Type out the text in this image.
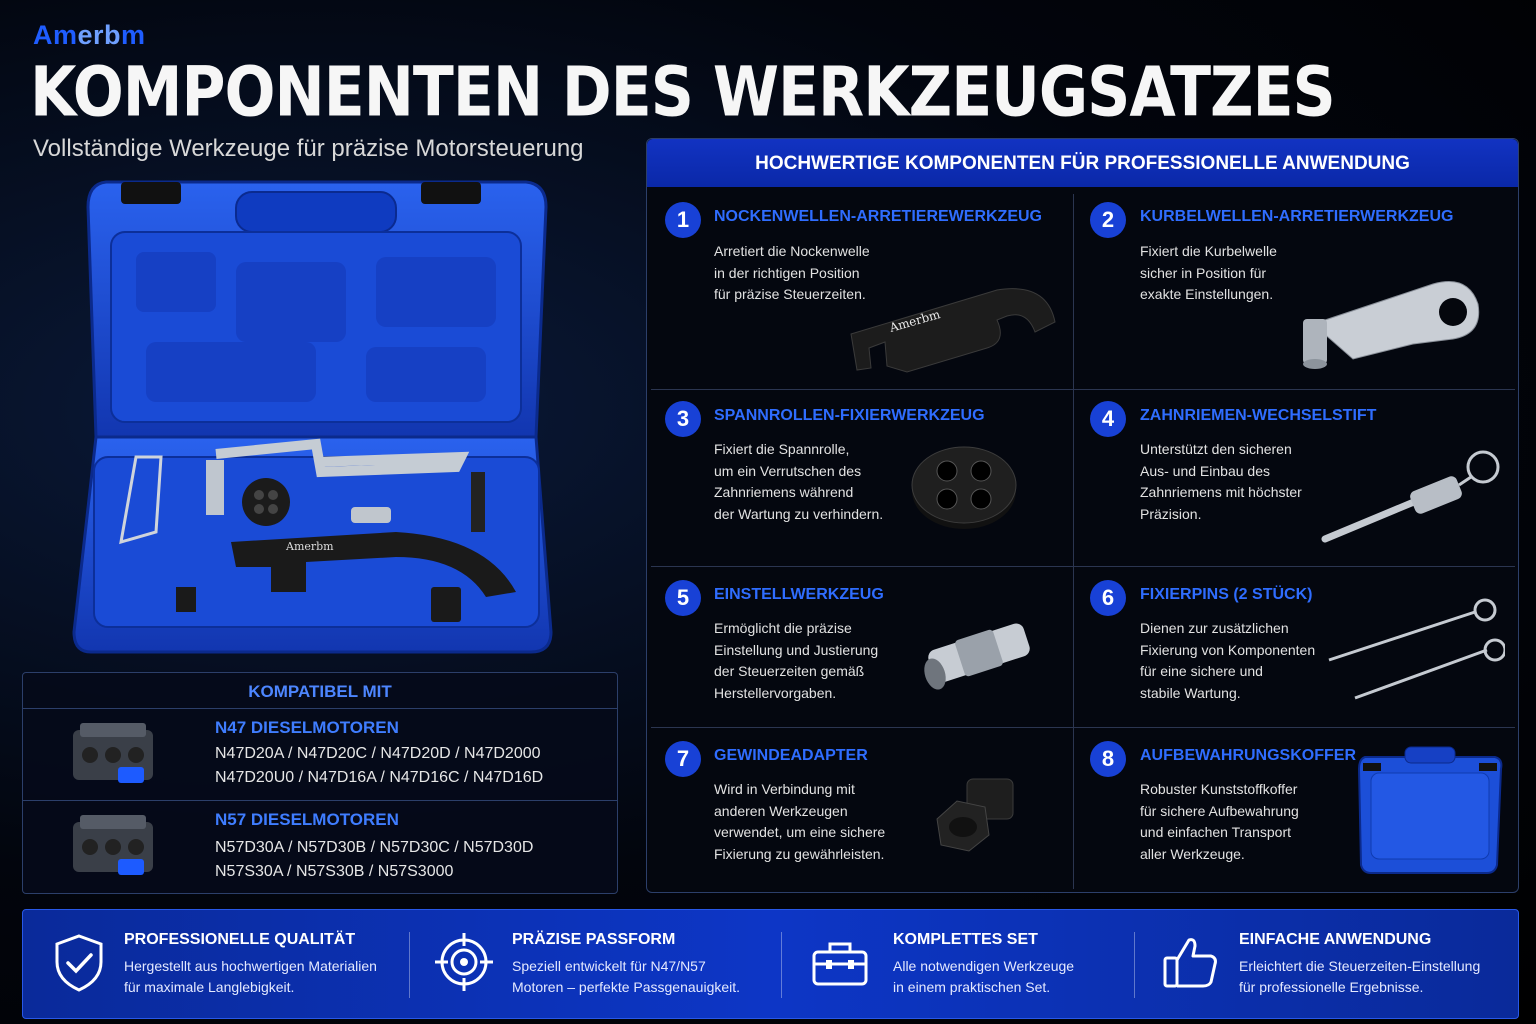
Amerbm
KOMPONENTEN DES WERKZEUGSATZES
Vollständige Werkzeuge für präzise Motorsteuerung
Amerbm
KOMPATIBEL MIT
N47 DIESELMOTOREN
N47D20A / N47D20C / N47D20D / N47D2000
N47D20U0 / N47D16A / N47D16C / N47D16D
N57 DIESELMOTOREN
N57D30A / N57D30B / N57D30C / N57D30D
N57S30A / N57S30B / N57S3000
HOCHWERTIGE KOMPONENTEN FÜR PROFESSIONELLE ANWENDUNG
1	NOCKENWELLEN-ARRETIEREWERKZEUG
Arretiert die Nockenwelle
in der richtigen Position
für präzise Steuerzeiten.
Amerbm
2	KURBELWELLEN-ARRETIERWERKZEUG
Fixiert die Kurbelwelle
sicher in Position für
exakte Einstellungen.
3	SPANNROLLEN-FIXIERWERKZEUG
Fixiert die Spannrolle,
um ein Verrutschen des
Zahnriemens während
der Wartung zu verhindern.
4	ZAHNRIEMEN-WECHSELSTIFT
Unterstützt den sicheren
Aus- und Einbau des
Zahnriemens mit höchster
Präzision.
5	EINSTELLWERKZEUG
Ermöglicht die präzise
Einstellung und Justierung
der Steuerzeiten gemäß
Herstellervorgaben.
6	FIXIERPINS (2 STÜCK)
Dienen zur zusätzlichen
Fixierung von Komponenten
für eine sichere und
stabile Wartung.
7	GEWINDEADAPTER
Wird in Verbindung mit
anderen Werkzeugen
verwendet, um eine sichere
Fixierung zu gewährleisten.
8	AUFBEWAHRUNGSKOFFER
Robuster Kunststoffkoffer
für sichere Aufbewahrung
und einfachen Transport
aller Werkzeuge.
PROFESSIONELLE QUALITÄT
Hergestellt aus hochwertigen Materialien
für maximale Langlebigkeit.
PRÄZISE PASSFORM
Speziell entwickelt für N47/N57
Motoren – perfekte Passgenauigkeit.
KOMPLETTES SET
Alle notwendigen Werkzeuge
in einem praktischen Set.
EINFACHE ANWENDUNG
Erleichtert die Steuerzeiten-Einstellung
für professionelle Ergebnisse.
